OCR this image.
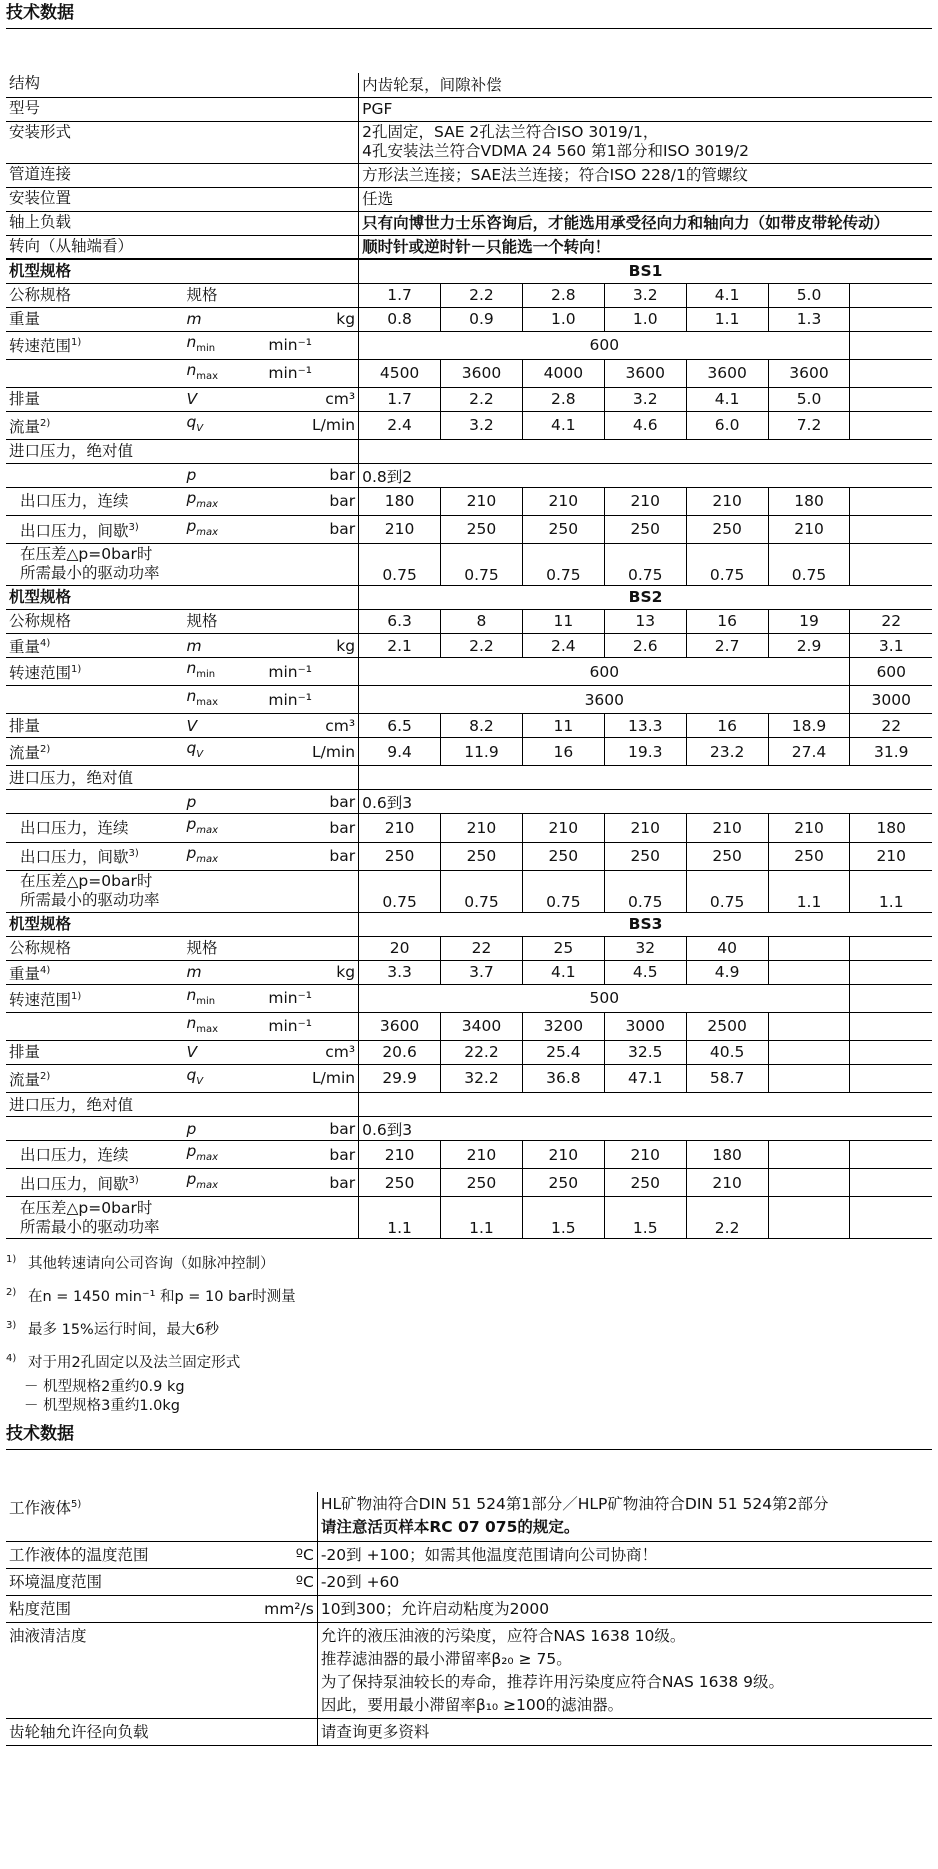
技术数据
结构			内齿轮泵，间隙补偿						
型号			PGF						
安装形式			2孔固定，SAE 2孔法兰符合ISO 3019/1，
4孔安装法兰符合VDMA 24 560 第1部分和ISO 3019/2						

管道连接			方形法兰连接；SAE法兰连接；符合ISO 228/1的管螺纹						
安装位置			任选						
轴上负载			只有向博世力士乐咨询后，才能选用承受径向力和轴向力（如带皮带轮传动）						
转向（从轴端看）			顺时针或逆时针－只能选一个转向！						
机型规格			BS1						
公称规格	规格		1.7	2.2	2.8	3.2	4.1	5.0	
重量	m	kg	0.8	0.9	1.0	1.0	1.1	1.3	
转速范围$^{1)}$	$n_{min}$	min⁻¹	600						
	$n_{max}$	min⁻¹	4500	3600	4000	3600	3600	3600	
排量	V	cm³	1.7	2.2	2.8	3.2	4.1	5.0	
流量$^{2)}$	$q_V$	L/min	2.4	3.2	4.1	4.6	6.0	7.2	
进口压力，绝对值									
	p	bar	0.8到2						
出口压力，连续	$p_{max}$	bar	180	210	210	210	210	180	
出口压力，间歇$^{3)}$	$p_{max}$	bar	210	250	250	250	250	210	

在压差△p=0bar时
所需最小的驱动功率			0.75	0.75	0.75	0.75	0.75	0.75	
机型规格			BS2						
公称规格	规格		6.3	8	11	13	16	19	22
重量$^{4)}$	m	kg	2.1	2.2	2.4	2.6	2.7	2.9	3.1
转速范围$^{1)}$	$n_{min}$	min⁻¹	600						600
	$n_{max}$	min⁻¹	3600						3000
排量	V	cm³	6.5	8.2	11	13.3	16	18.9	22
流量$^{2)}$	$q_V$	L/min	9.4	11.9	16	19.3	23.2	27.4	31.9
进口压力，绝对值									
	p	bar	0.6到3						
出口压力，连续	$p_{max}$	bar	210	210	210	210	210	210	180
出口压力，间歇$^{3)}$	$p_{max}$	bar	250	250	250	250	250	250	210

在压差△p=0bar时
所需最小的驱动功率			0.75	0.75	0.75	0.75	0.75	1.1	1.1
机型规格			BS3						
公称规格	规格		20	22	25	32	40		
重量$^{4)}$	m	kg	3.3	3.7	4.1	4.5	4.9		
转速范围$^{1)}$	$n_{min}$	min⁻¹	500						
	$n_{max}$	min⁻¹	3600	3400	3200	3000	2500		
排量	V	cm³	20.6	22.2	25.4	32.5	40.5		
流量$^{2)}$	$q_V$	L/min	29.9	32.2	36.8	47.1	58.7		
进口压力，绝对值									
	p	bar	0.6到3						
出口压力，连续	$p_{max}$	bar	210	210	210	210	180		
出口压力，间歇$^{3)}$	$p_{max}$	bar	250	250	250	250	210		

在压差△p=0bar时
所需最小的驱动功率			1.1	1.1	1.5	1.5	2.2		

1) 其他转速请向公司咨询（如脉冲控制）

2) 在n = 1450 min⁻¹ 和p = 10 bar时测量

3) 最多 15%运行时间，最大6秒

4) 对于用2孔固定以及法兰固定形式

－ 机型规格2重约0.9 kg

－ 机型规格3重约1.0kg

技术数据
工作液体$^{5)}$		HL矿物油符合DIN 51 524第1部分／HLP矿物油符合DIN 51 524第2部分
请注意活页样本RC 07 075的规定。

工作液体的温度范围	ºC	-20到 +100；如需其他温度范围请向公司协商！

环境温度范围	ºC	-20到 +60

粘度范围	mm²/s	10到300；允许启动粘度为2000

油液清洁度		允许的液压油液的污染度，应符合NAS 1638 10级。
推荐滤油器的最小滞留率β₂₀ ≥ 75。
为了保持泵油较长的寿命，推荐许用污染度应符合NAS 1638 9级。
因此，要用最小滞留率β₁₀ ≥100的滤油器。

齿轮轴允许径向负载		请查询更多资料
